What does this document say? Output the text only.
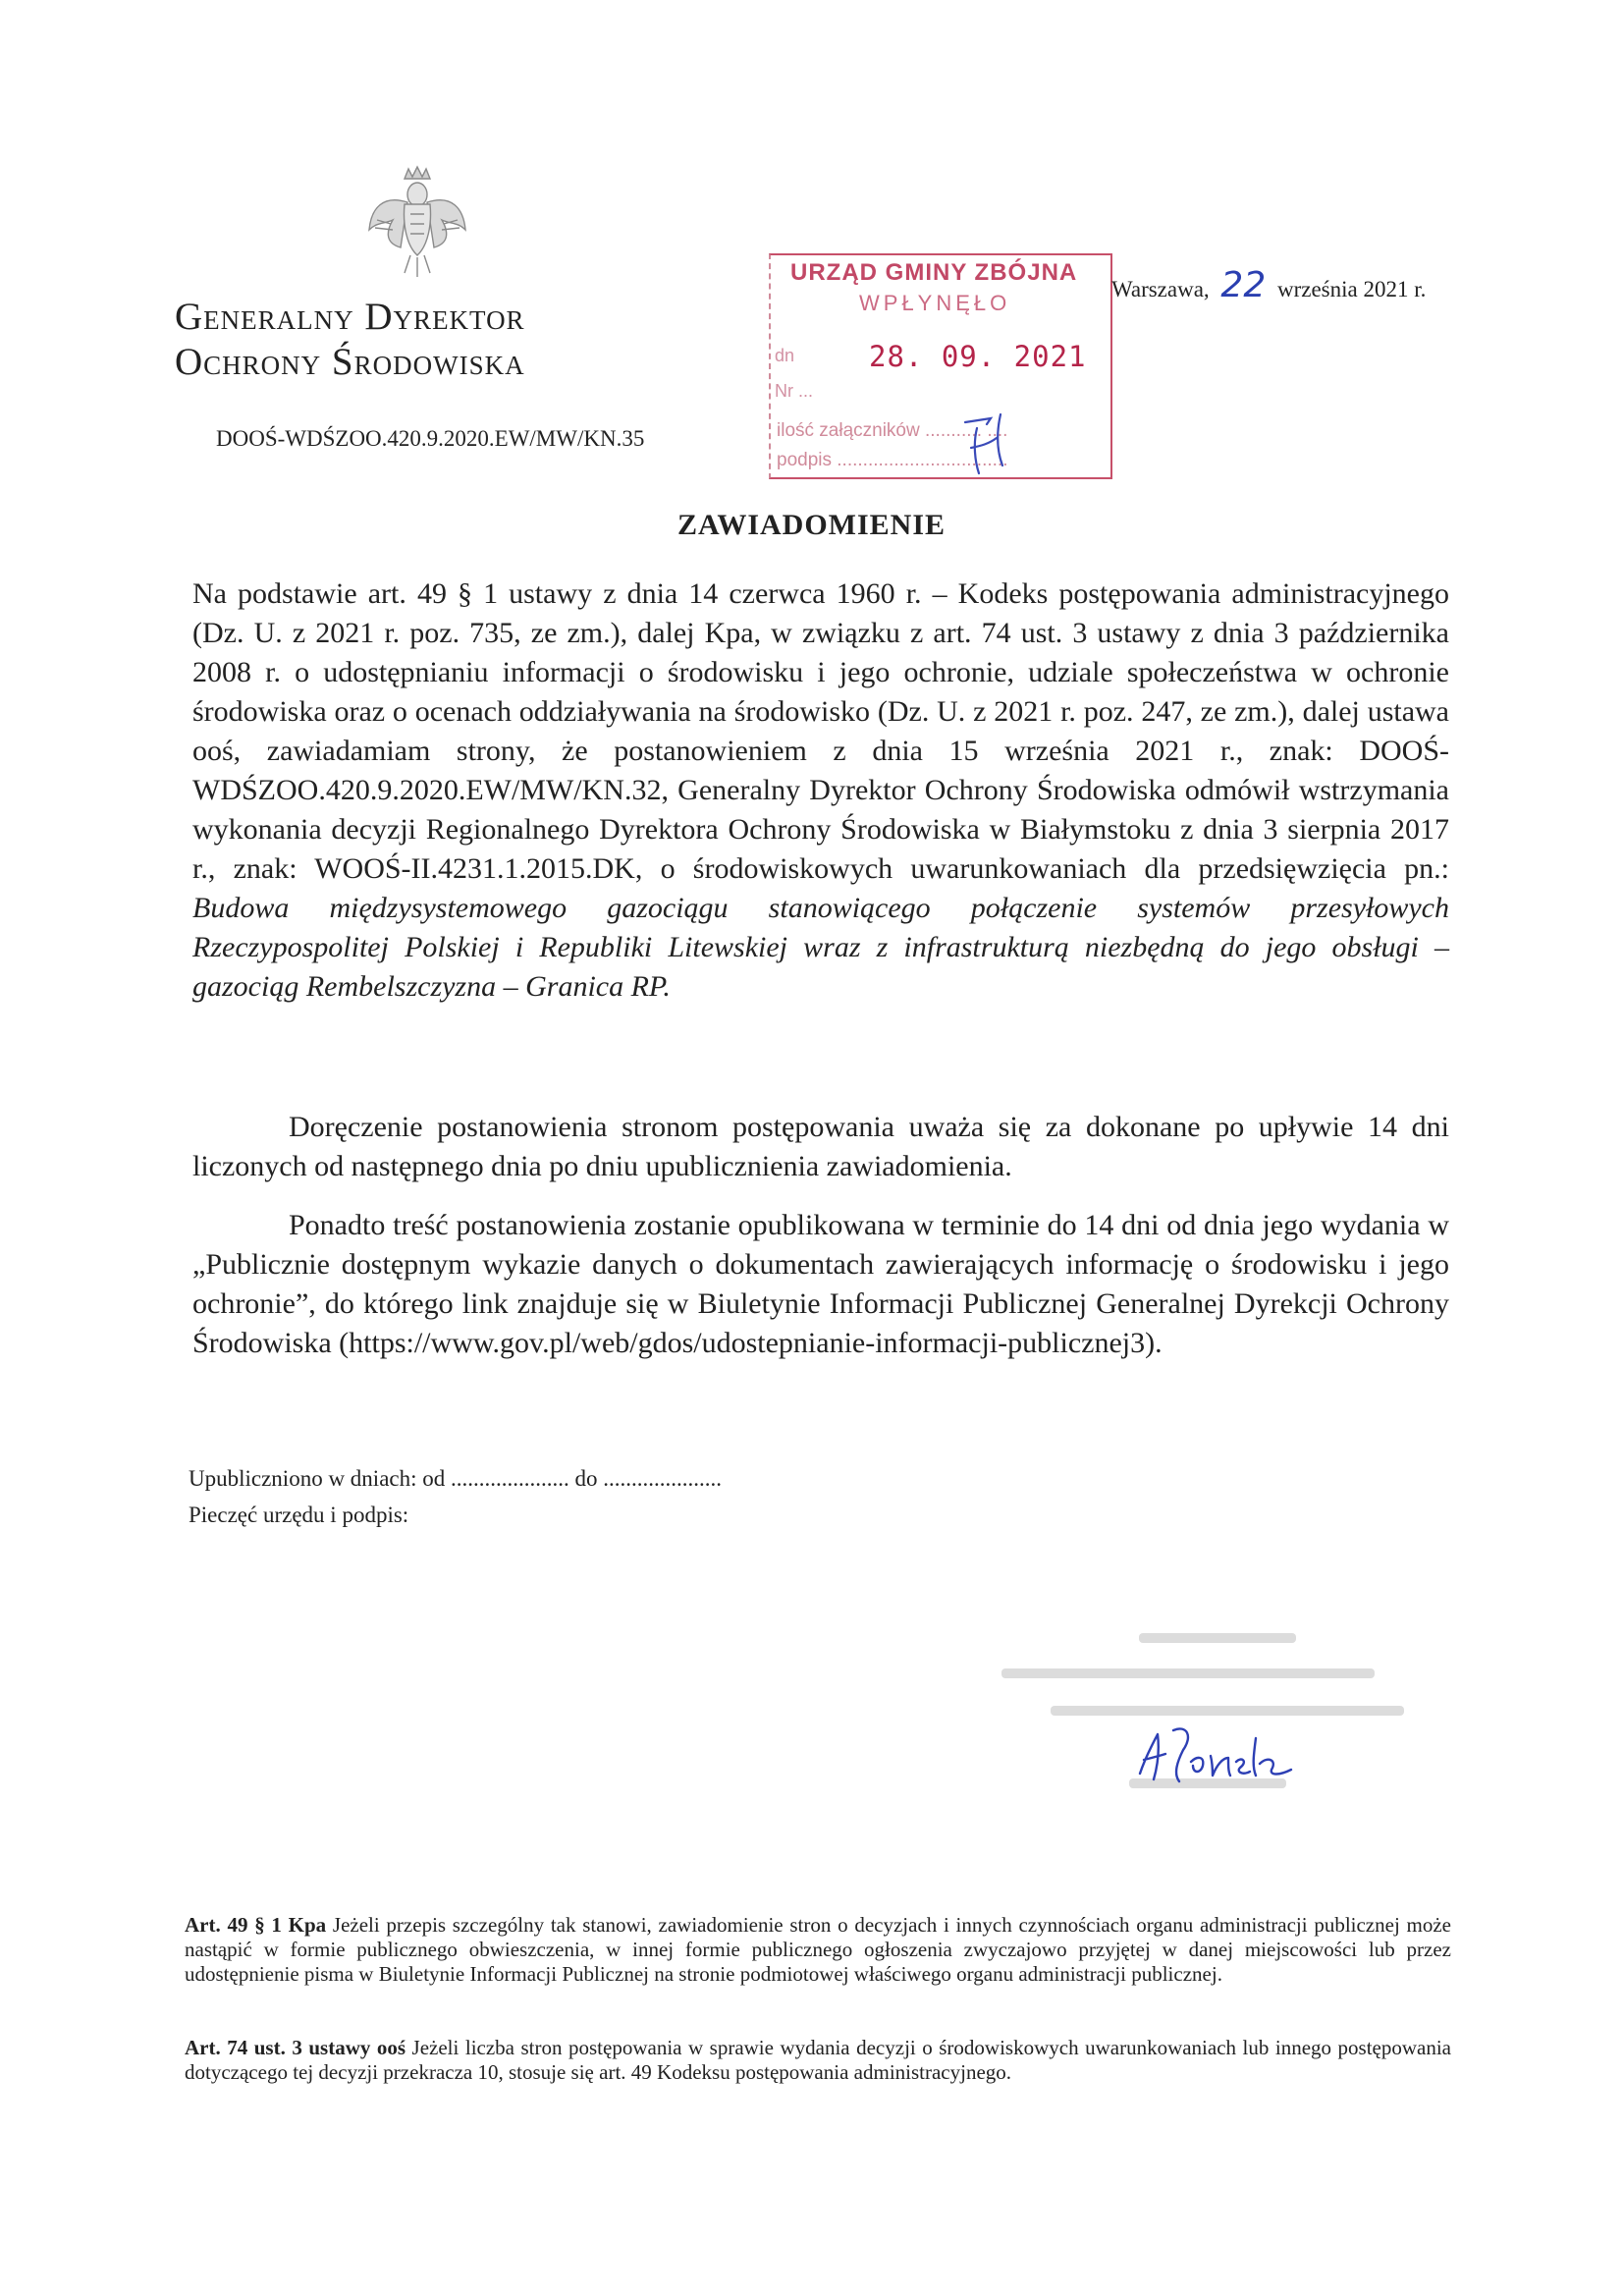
Generalny Dyrektor
Ochrony Środowiska
DOOŚ-WDŚZOO.420.9.2020.EW/MW/KN.35
URZĄD GMINY ZBÓJNA
WPŁYNĘŁO
dn	28. 09. 2021
Nr ...
ilość załączników ........... ....
podpis .................................
Warszawa, 22 września 2021 r.
ZAWIADOMIENIE
Na podstawie art. 49 § 1 ustawy z dnia 14 czerwca 1960 r. – Kodeks postępowania administracyjnego (Dz. U. z 2021 r. poz. 735, ze zm.), dalej Kpa, w związku z art. 74 ust. 3 ustawy z dnia 3 października 2008 r. o udostępnianiu informacji o środowisku i jego ochronie, udziale społeczeństwa w ochronie środowiska oraz o ocenach oddziaływania na środowisko (Dz. U. z 2021 r. poz. 247, ze zm.), dalej ustawa ooś, zawiadamiam strony, że postanowieniem z dnia 15 września 2021 r., znak: DOOŚ-WDŚZOO.420.9.2020.EW/MW/KN.32, Generalny Dyrektor Ochrony Środowiska odmówił wstrzymania wykonania decyzji Regionalnego Dyrektora Ochrony Środowiska w Białymstoku z dnia 3 sierpnia 2017 r., znak: WOOŚ-II.4231.1.2015.DK, o środowiskowych uwarunkowaniach dla przedsięwzięcia pn.: Budowa międzysystemowego gazociągu stanowiącego połączenie systemów przesyłowych Rzeczypospolitej Polskiej i Republiki Litewskiej wraz z infrastrukturą niezbędną do jego obsługi – gazociąg Rembelszczyzna – Granica RP.
Doręczenie postanowienia stronom postępowania uważa się za dokonane po upływie 14 dni liczonych od następnego dnia po dniu upublicznienia zawiadomienia.
Ponadto treść postanowienia zostanie opublikowana w terminie do 14 dni od dnia jego wydania w „Publicznie dostępnym wykazie danych o dokumentach zawierających informację o środowisku i jego ochronie”, do którego link znajduje się w Biuletynie Informacji Publicznej Generalnej Dyrekcji Ochrony Środowiska (https://www.gov.pl/web/gdos/udostepnianie-informacji-publicznej3).
Upubliczniono w dniach: od ..................... do .....................
Pieczęć urzędu i podpis:
Art. 49 § 1 Kpa Jeżeli przepis szczególny tak stanowi, zawiadomienie stron o decyzjach i innych czynnościach organu administracji publicznej może nastąpić w formie publicznego obwieszczenia, w innej formie publicznego ogłoszenia zwyczajowo przyjętej w danej miejscowości lub przez udostępnienie pisma w Biuletynie Informacji Publicznej na stronie podmiotowej właściwego organu administracji publicznej.
Art. 74 ust. 3 ustawy ooś Jeżeli liczba stron postępowania w sprawie wydania decyzji o środowiskowych uwarunkowaniach lub innego postępowania dotyczącego tej decyzji przekracza 10, stosuje się art. 49 Kodeksu postępowania administracyjnego.
